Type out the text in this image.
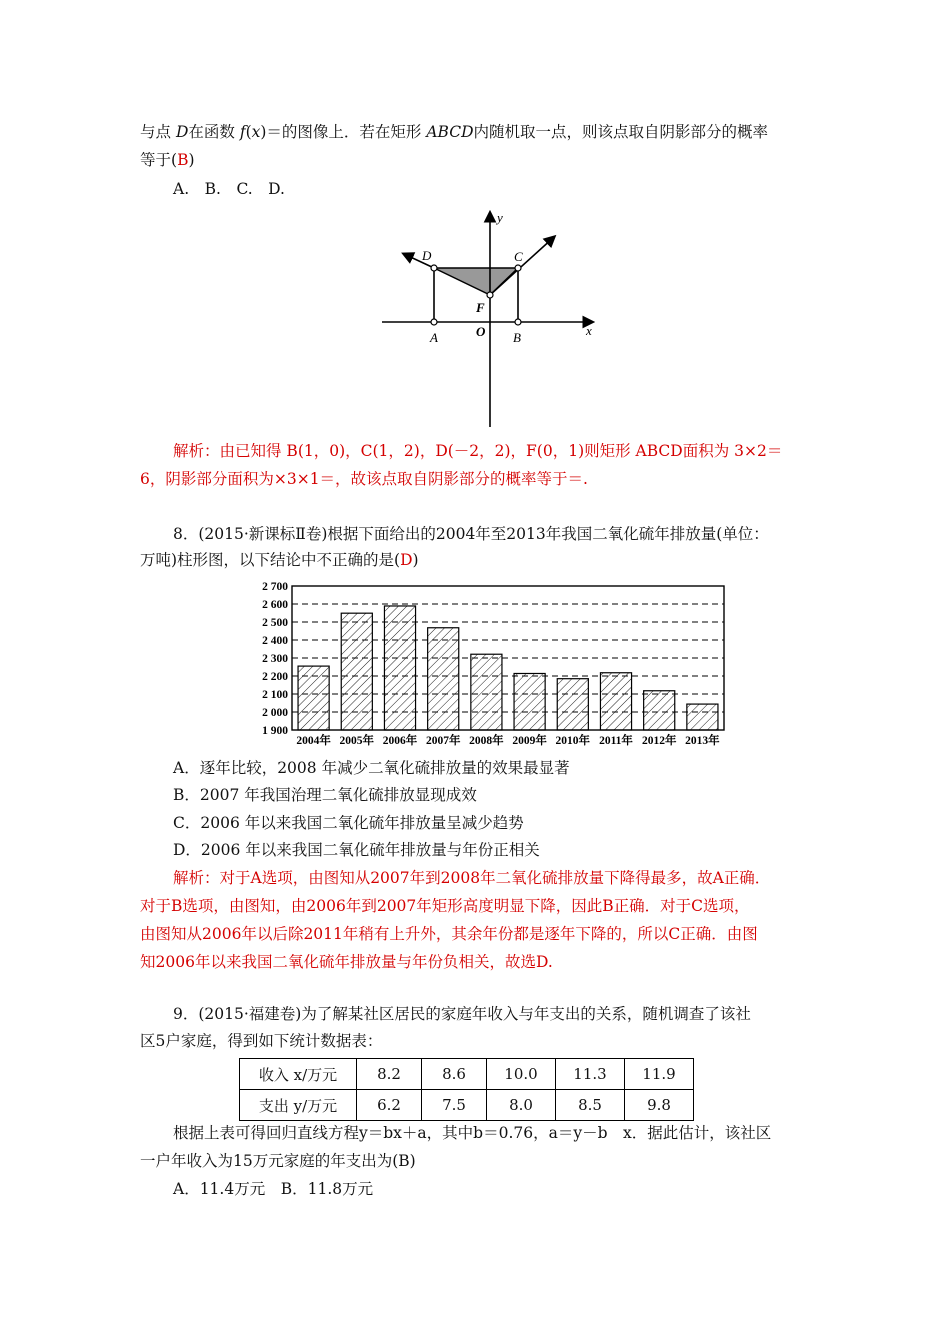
与点 D在函数 f(x)＝的图像上．若在矩形 ABCD内随机取一点，则该点取自阴影部分的概率
等于(B)
A.　B.　C.　D.
y
x
O
A	B
C
D
F
解析：由已知得 B(1，0)，C(1，2)，D(－2，2)，F(0，1)则矩形 ABCD面积为 3×2＝
6，阴影部分面积为×3×1＝，故该点取自阴影部分的概率等于＝.
8．(2015·新课标Ⅱ卷)根据下面给出的2004年至2013年我国二氧化硫年排放量(单位：
万吨)柱形图，以下结论中不正确的是(D)
1 900
2 000
2 100
2 200
2 300
2 400
2 500
2 600
2 700
2004年 2005年 2006年 2007年 2008年 2009年 2010年 2011年 2012年 2013年
A．逐年比较，2008 年减少二氧化硫排放量的效果最显著
B．2007 年我国治理二氧化硫排放显现成效
C．2006 年以来我国二氧化硫年排放量呈减少趋势
D．2006 年以来我国二氧化硫年排放量与年份正相关
解析：对于A选项，由图知从2007年到2008年二氧化硫排放量下降得最多，故A正确．
对于B选项，由图知，由2006年到2007年矩形高度明显下降，因此B正确．对于C选项，
由图知从2006年以后除2011年稍有上升外，其余年份都是逐年下降的，所以C正确．由图
知2006年以来我国二氧化硫年排放量与年份负相关，故选D.
9．(2015·福建卷)为了解某社区居民的家庭年收入与年支出的关系，随机调查了该社
区5户家庭，得到如下统计数据表：
收入 x/万元	8.2	8.6	10.0	11.3	11.9
支出 y/万元	6.2	7.5	8.0	8.5	9.8
根据上表可得回归直线方程y＝bx＋a，其中b＝0.76，a＝y－b　x．据此估计，该社区
一户年收入为15万元家庭的年支出为(B)
A．11.4万元　B．11.8万元
